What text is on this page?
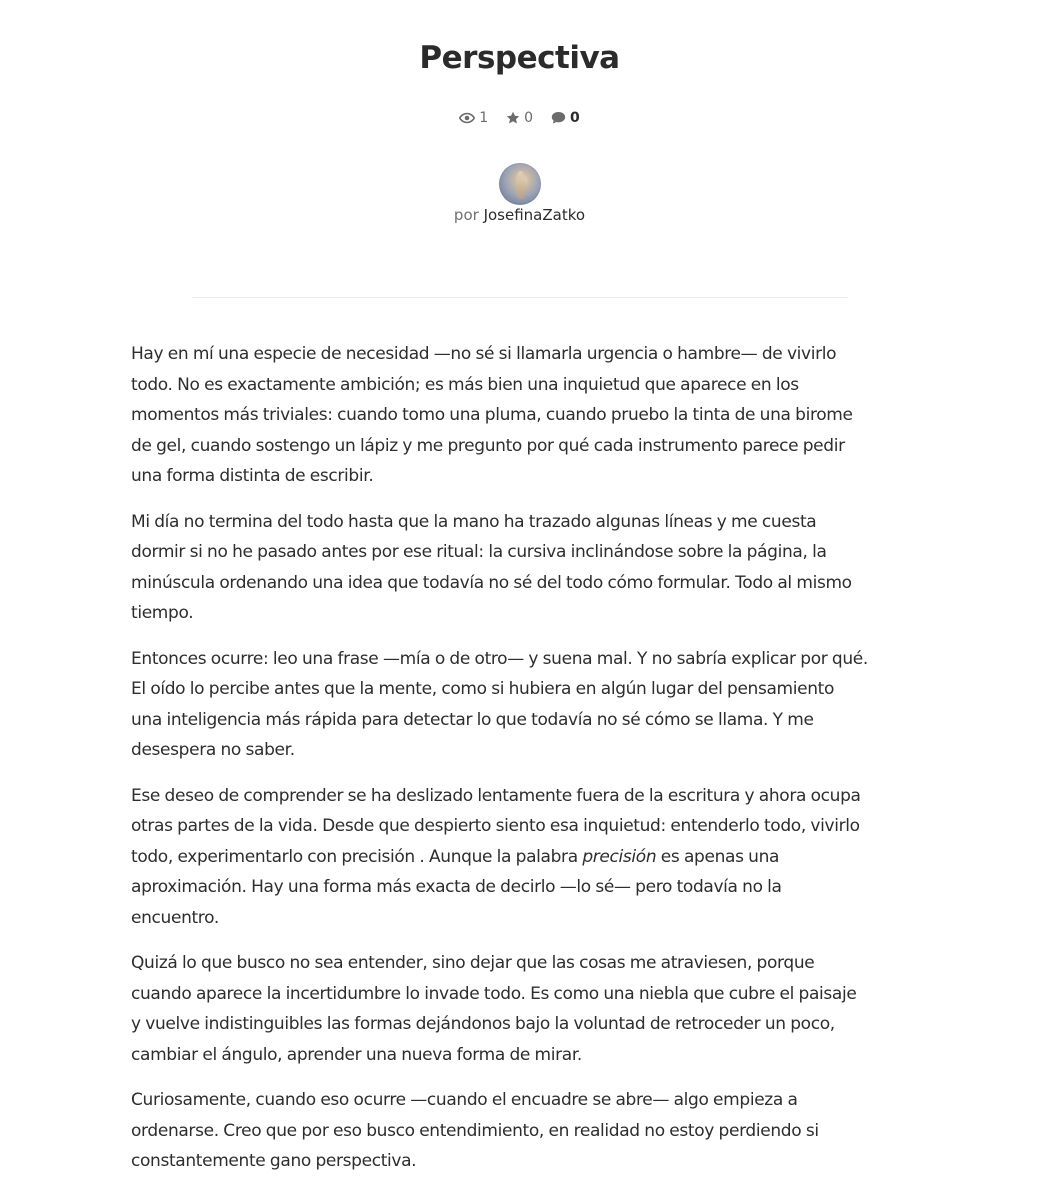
Perspectiva
1	0	0
por JosefinaZatko

Hay en mí una especie de necesidad —no sé si llamarla urgencia o hambre— de vivirlo todo. No es exactamente ambición; es más bien una inquietud que aparece en los momentos más triviales: cuando tomo una pluma, cuando pruebo la tinta de una birome de gel, cuando sostengo un lápiz y me pregunto por qué cada instrumento parece pedir una forma distinta de escribir.

Mi día no termina del todo hasta que la mano ha trazado algunas líneas y me cuesta dormir si no he pasado antes por ese ritual: la cursiva inclinándose sobre la página, la minúscula ordenando una idea que todavía no sé del todo cómo formular. Todo al mismo tiempo.

Entonces ocurre: leo una frase —mía o de otro— y suena mal. Y no sabría explicar por qué. El oído lo percibe antes que la mente, como si hubiera en algún lugar del pensamiento una inteligencia más rápida para detectar lo que todavía no sé cómo se llama. Y me desespera no saber.

Ese deseo de comprender se ha deslizado lentamente fuera de la escritura y ahora ocupa otras partes de la vida. Desde que despierto siento esa inquietud: entenderlo todo, vivirlo todo, experimentarlo con precisión . Aunque la palabra precisión es apenas una aproximación. Hay una forma más exacta de decirlo —lo sé— pero todavía no la encuentro.

Quizá lo que busco no sea entender, sino dejar que las cosas me atraviesen, porque cuando aparece la incertidumbre lo invade todo. Es como una niebla que cubre el paisaje y vuelve indistinguibles las formas dejándonos bajo la voluntad de retroceder un poco, cambiar el ángulo, aprender una nueva forma de mirar.

Curiosamente, cuando eso ocurre —cuando el encuadre se abre— algo empieza a ordenarse. Creo que por eso busco entendimiento, en realidad no estoy perdiendo si constantemente gano perspectiva.
